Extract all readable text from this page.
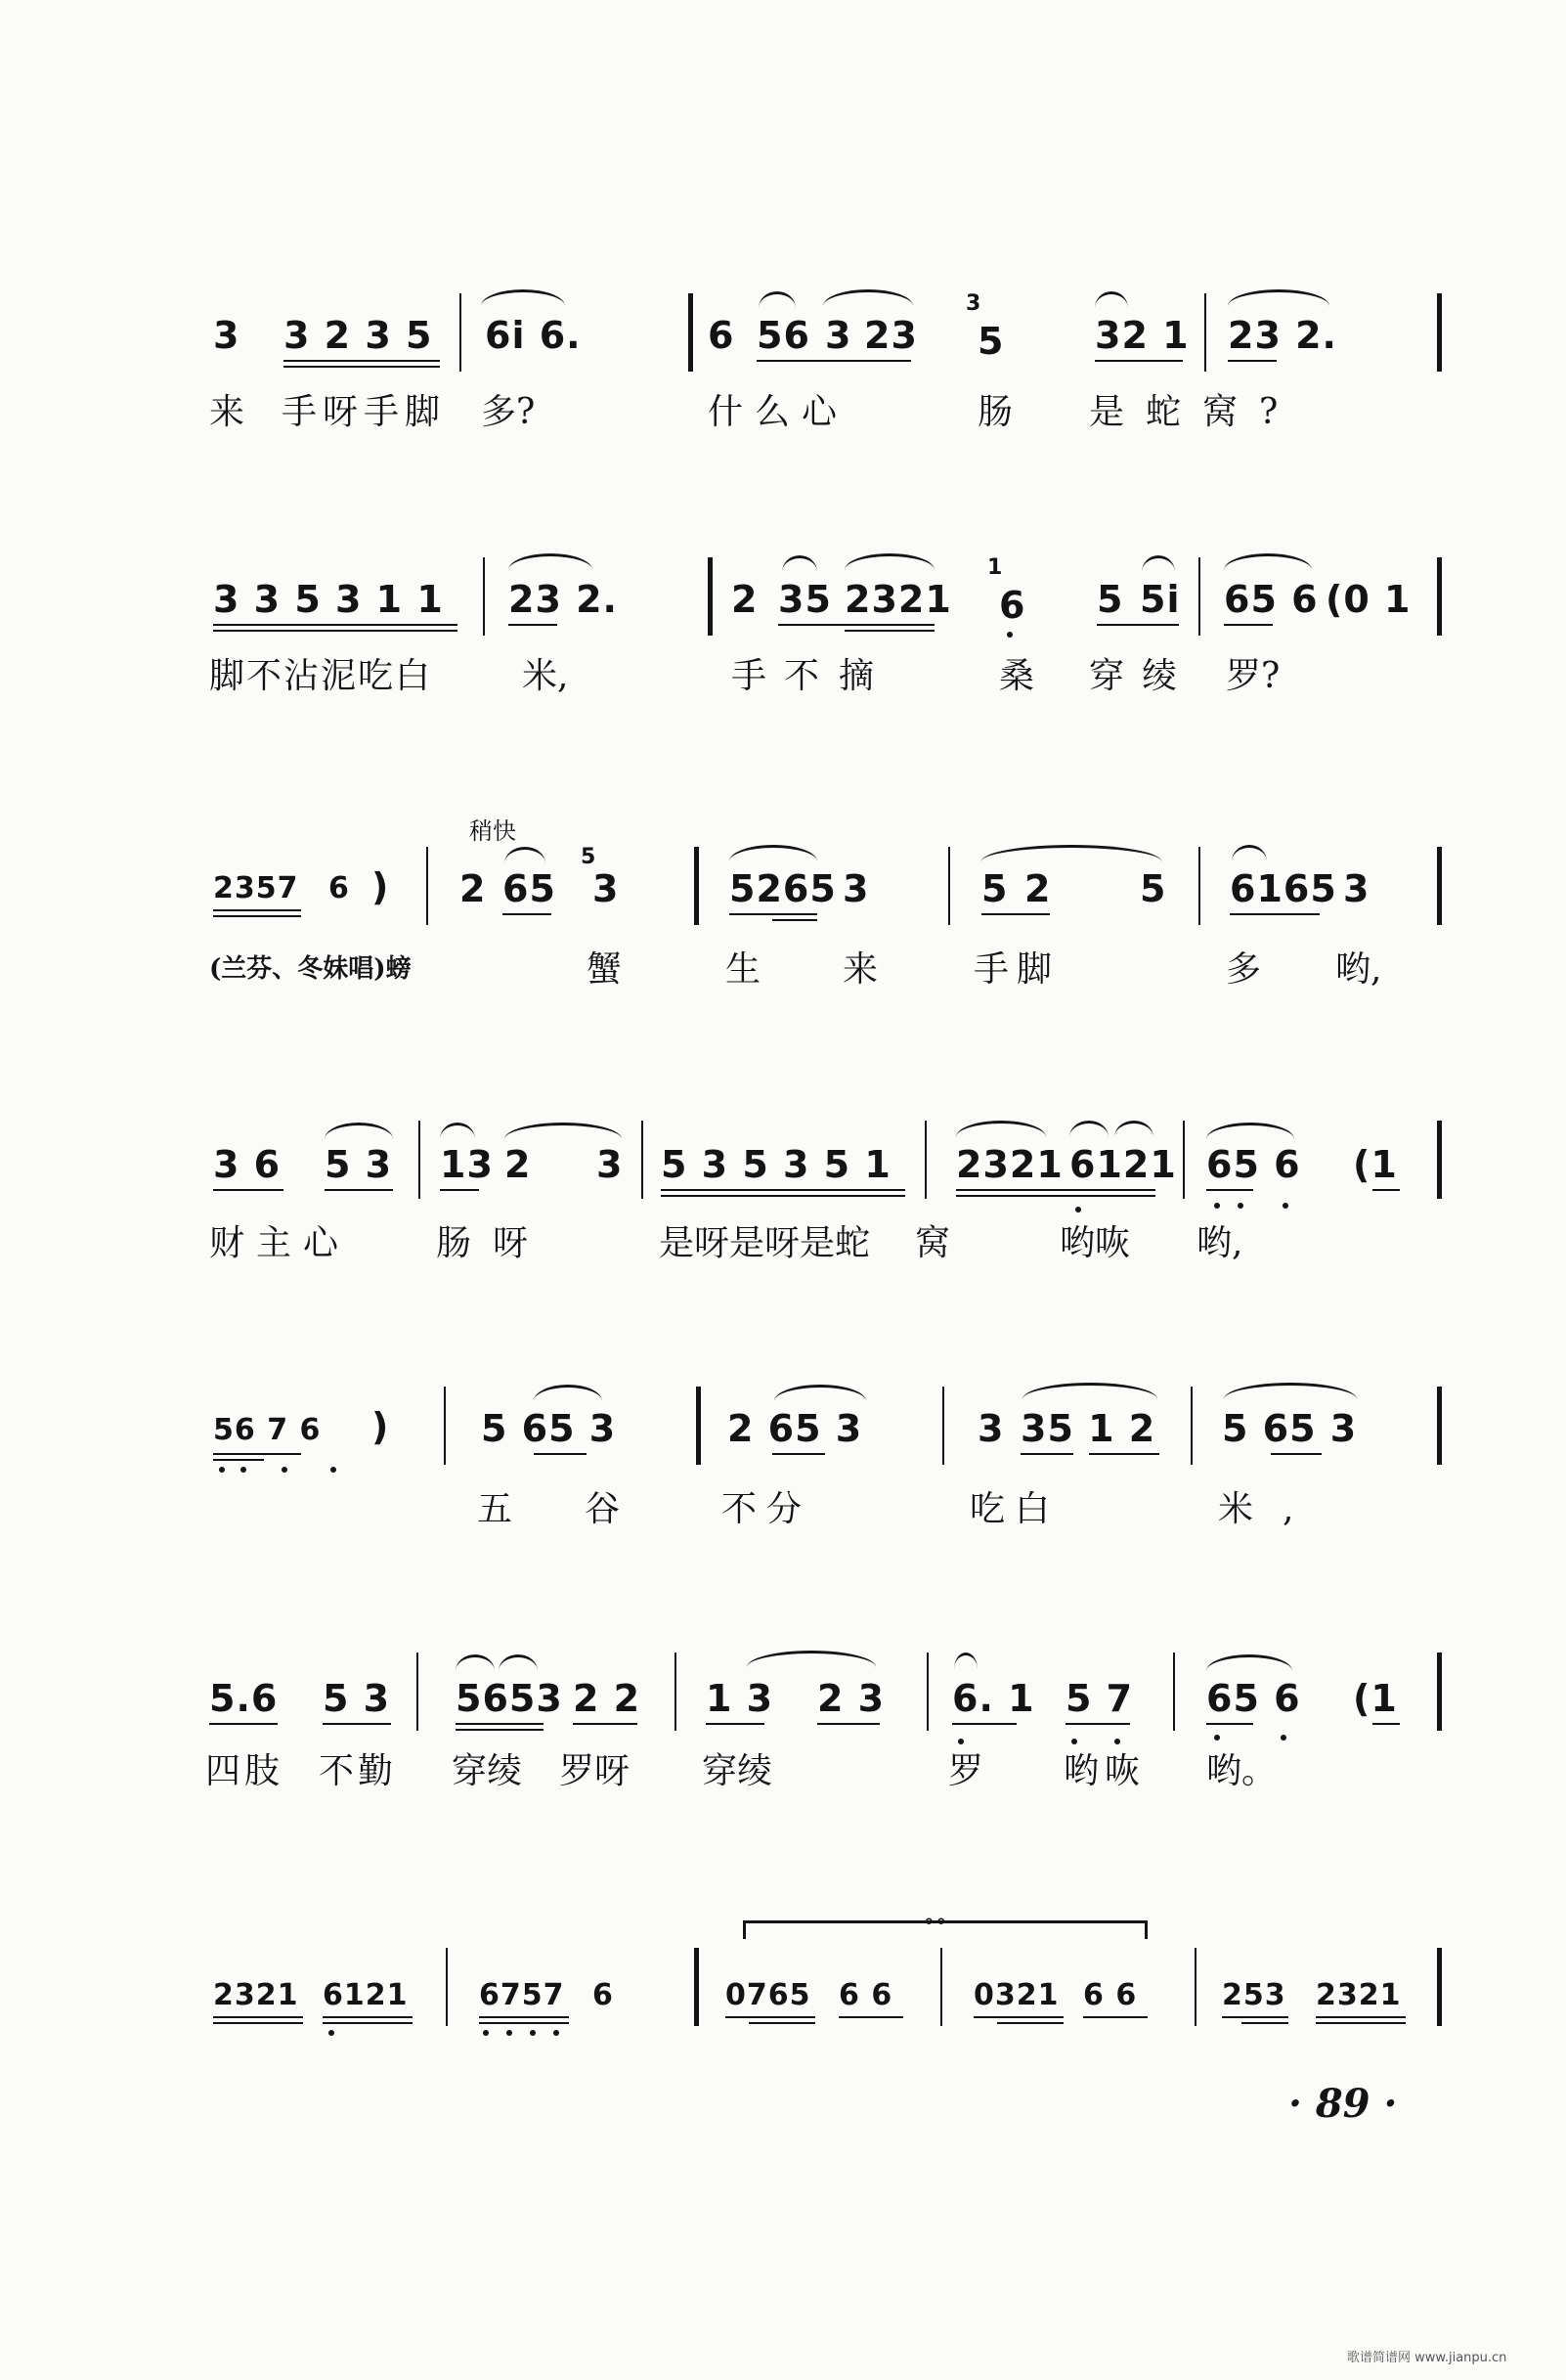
3 3 2 3 5 6i 6.	6 56 3 23
3
5 32 1 23 2.
来 手呀手脚 多?	什么心	肠 是蛇窝?
3 3 5 3 1 1 23 2.	2 35 2321
1
6 5 5i 65 6 (0 1
脚不沾泥吃白	米,	手不 摘	桑 穿绫 罗?
稍快
2357 6 ) 2 65
5
3	5265 3	5 2 5 6165 3
(兰芬、冬妹唱)螃	蟹	生 来	手脚	多 哟,
3 6 5 3 13 2 3 5 3 5 3 5 1 2321 6121 65 6 (1
财主心 肠呀	是呀是呀是蛇 窝	哟咴 哟,
56 7 6 ) 5 65 3	2 65 3	3 35 1 2 5 65 3
五 谷	不分	吃白	米,
5.6 5 3 5653 2 2 1 3 2 3 6. 1 5 7 65 6 (1
四肢 不勤 穿绫 罗呀 穿绫	罗 哟咴 哟。
∘∘
2321 6121 6757 6	0765 6 6	0321 6 6	253 2321
· 89 ·
歌谱简谱网 www.jianpu.cn
